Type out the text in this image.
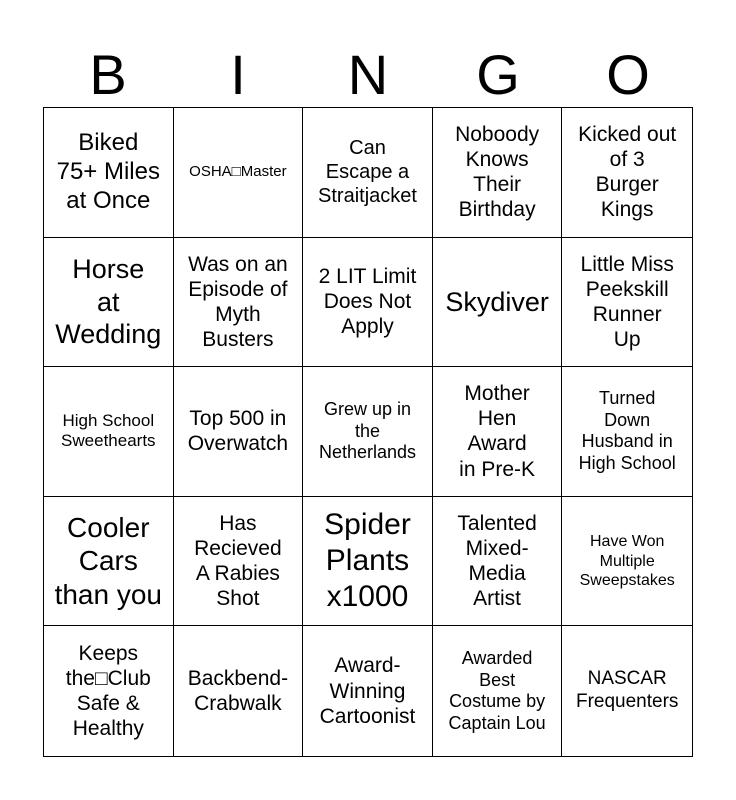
B	I	N	G	O
Biked
75+ Miles
at Once
OSHA□Master
Can
Escape a
Straitjacket
Noboody
Knows
Their
Birthday
Kicked out
of 3
Burger
Kings
Horse
at
Wedding
Was on an
Episode of
Myth
Busters
2 LIT Limit
Does Not
Apply
Skydiver
Little Miss
Peekskill
Runner
Up
High School
Sweethearts
Top 500 in
Overwatch
Grew up in
the
Netherlands
Mother
Hen
Award
in Pre-K
Turned
Down
Husband in
High School
Cooler
Cars
than you
Has
Recieved
A Rabies
Shot
Spider
Plants
x1000
Talented
Mixed-
Media
Artist
Have Won
Multiple
Sweepstakes
Keeps
the□Club
Safe &
Healthy
Backbend-
Crabwalk
Award-
Winning
Cartoonist
Awarded
Best
Costume by
Captain Lou
NASCAR
Frequenters
